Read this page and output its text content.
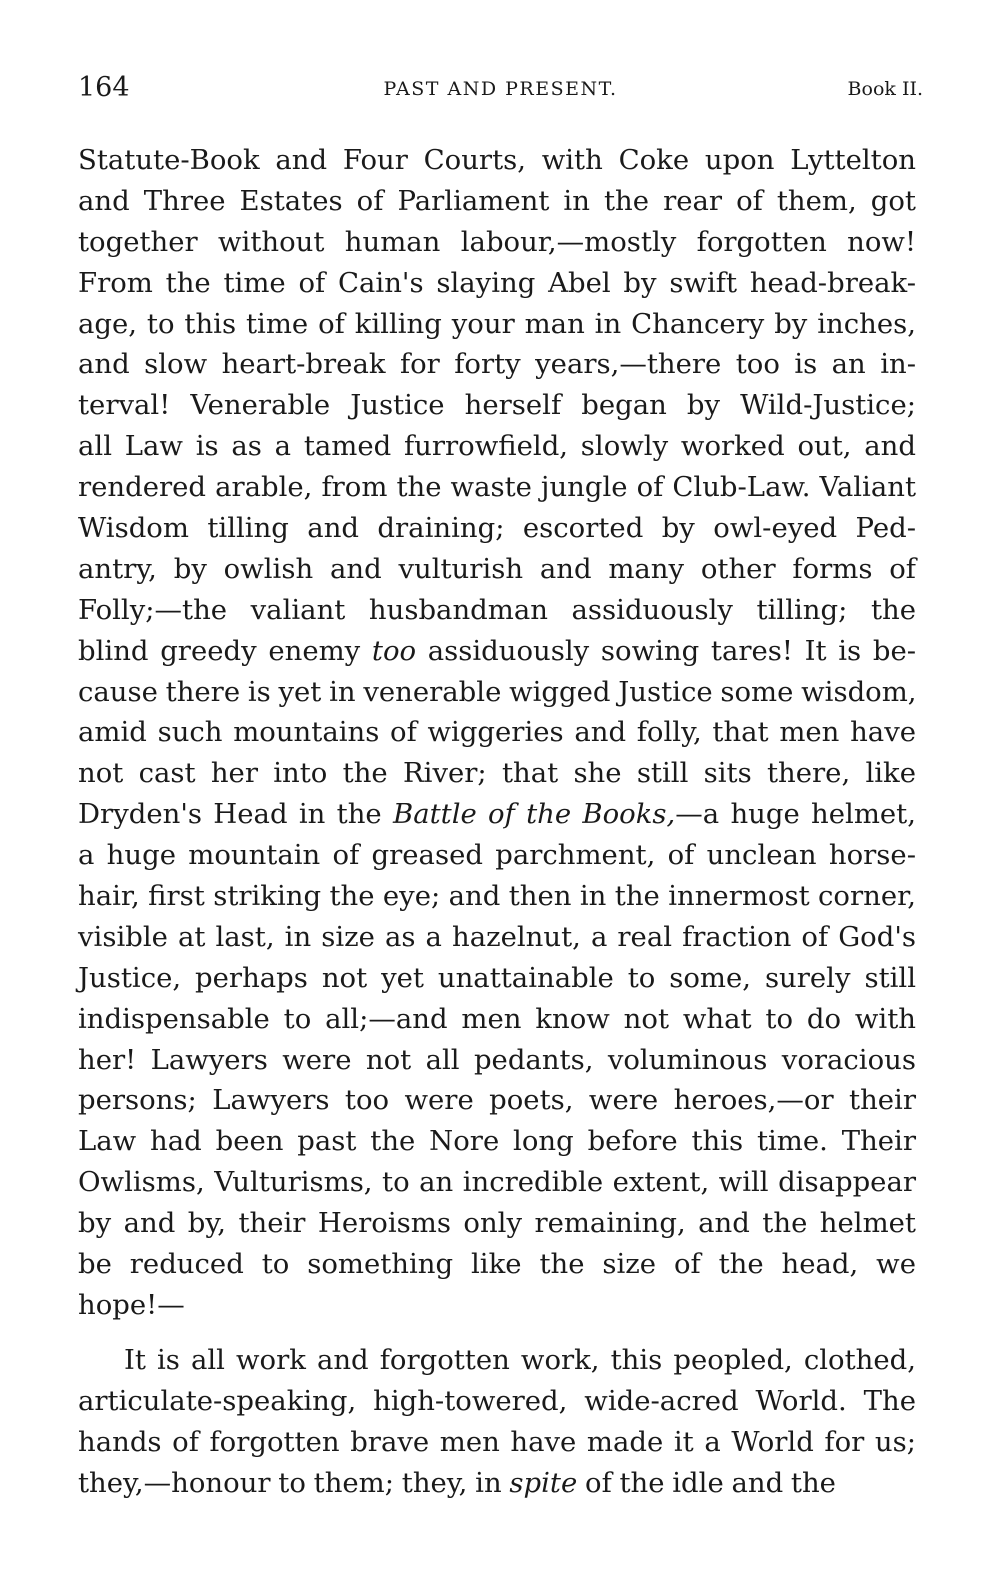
164	PAST AND PRESENT.	Book II.
Statute-Book and Four Courts, with Coke upon Lyttelton
and Three Estates of Parliament in the rear of them, got
together without human labour,—mostly forgotten now!
From the time of Cain's slaying Abel by swift head-break-
age, to this time of killing your man in Chancery by inches,
and slow heart-break for forty years,—there too is an in-
terval! Venerable Justice herself began by Wild-Justice;
all Law is as a tamed furrowfield, slowly worked out, and
rendered arable, from the waste jungle of Club-Law. Valiant
Wisdom tilling and draining; escorted by owl-eyed Ped-
antry, by owlish and vulturish and many other forms of
Folly;—the valiant husbandman assiduously tilling; the
blind greedy enemy too assiduously sowing tares! It is be-
cause there is yet in venerable wigged Justice some wisdom,
amid such mountains of wiggeries and folly, that men have
not cast her into the River; that she still sits there, like
Dryden's Head in the Battle of the Books,—a huge helmet,
a huge mountain of greased parchment, of unclean horse-
hair, first striking the eye; and then in the innermost corner,
visible at last, in size as a hazelnut, a real fraction of God's
Justice, perhaps not yet unattainable to some, surely still
indispensable to all;—and men know not what to do with
her! Lawyers were not all pedants, voluminous voracious
persons; Lawyers too were poets, were heroes,—or their
Law had been past the Nore long before this time. Their
Owlisms, Vulturisms, to an incredible extent, will disappear
by and by, their Heroisms only remaining, and the helmet
be reduced to something like the size of the head, we
hope!—
It is all work and forgotten work, this peopled, clothed,
articulate-speaking, high-towered, wide-acred World. The
hands of forgotten brave men have made it a World for us;
they,—honour to them; they, in spite of the idle and the
